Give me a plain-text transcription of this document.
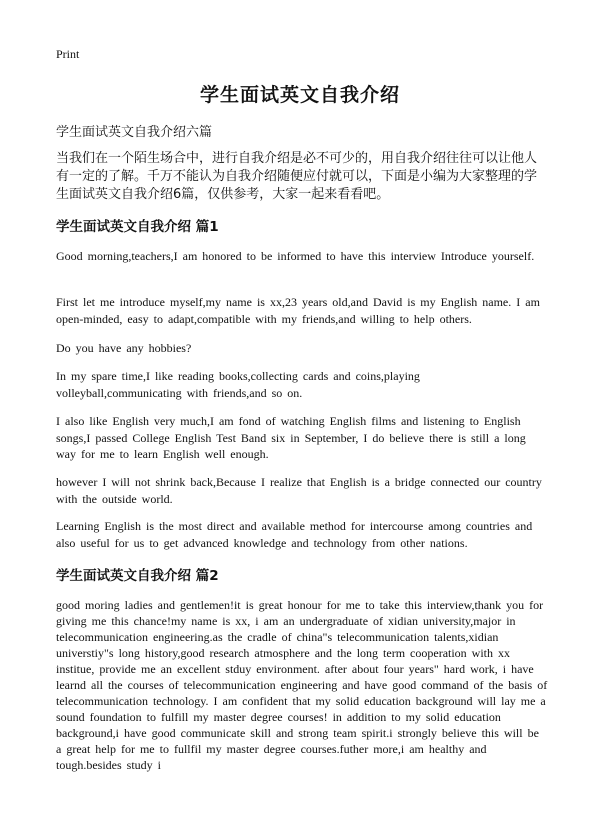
Print
学生面试英文自我介绍
学生面试英文自我介绍六篇
当我们在一个陌生场合中，进行自我介绍是必不可少的，用自我介绍往往可以让他人有一定的了解。千万不能认为自我介绍随便应付就可以，下面是小编为大家整理的学生面试英文自我介绍6篇，仅供参考，大家一起来看看吧。
学生面试英文自我介绍 篇1
Good morning,teachers,I am honored to be informed to have this interview Introduce yourself.
First let me introduce myself,my name is xx,23 years old,and David is my English name. I am open-minded, easy to adapt,compatible with my friends,and willing to help others.
Do you have any hobbies?
In my spare time,I like reading books,collecting cards and coins,playing volleyball,communicating with friends,and so on.
I also like English very much,I am fond of watching English films and listening to English songs,I passed College English Test Band six in September, I do believe there is still a long way for me to learn English well enough.
however I will not shrink back,Because I realize that English is a bridge connected our country with the outside world.
Learning English is the most direct and available method for intercourse among countries and also useful for us to get advanced knowledge and technology from other nations.
学生面试英文自我介绍 篇2
good moring ladies and gentlemen!it is great honour for me to take this interview,thank you for giving me this chance!my name is xx, i am an undergraduate of xidian university,major in telecommunication engineering.as the cradle of china"s telecommunication talents,xidian universtiy"s long history,good research atmosphere and the long term cooperation with xx institue, provide me an excellent stduy environment. after about four years" hard work, i have learnd all the courses of telecommunication engineering and have good command of the basis of telecommunication technology. I am confident that my solid education background will lay me a sound foundation to fulfill my master degree courses! in addition to my solid education background,i have good communicate skill and strong team spirit.i strongly believe this will be a great help for me to fullfil my master degree courses.futher more,i am healthy and tough.besides study i
